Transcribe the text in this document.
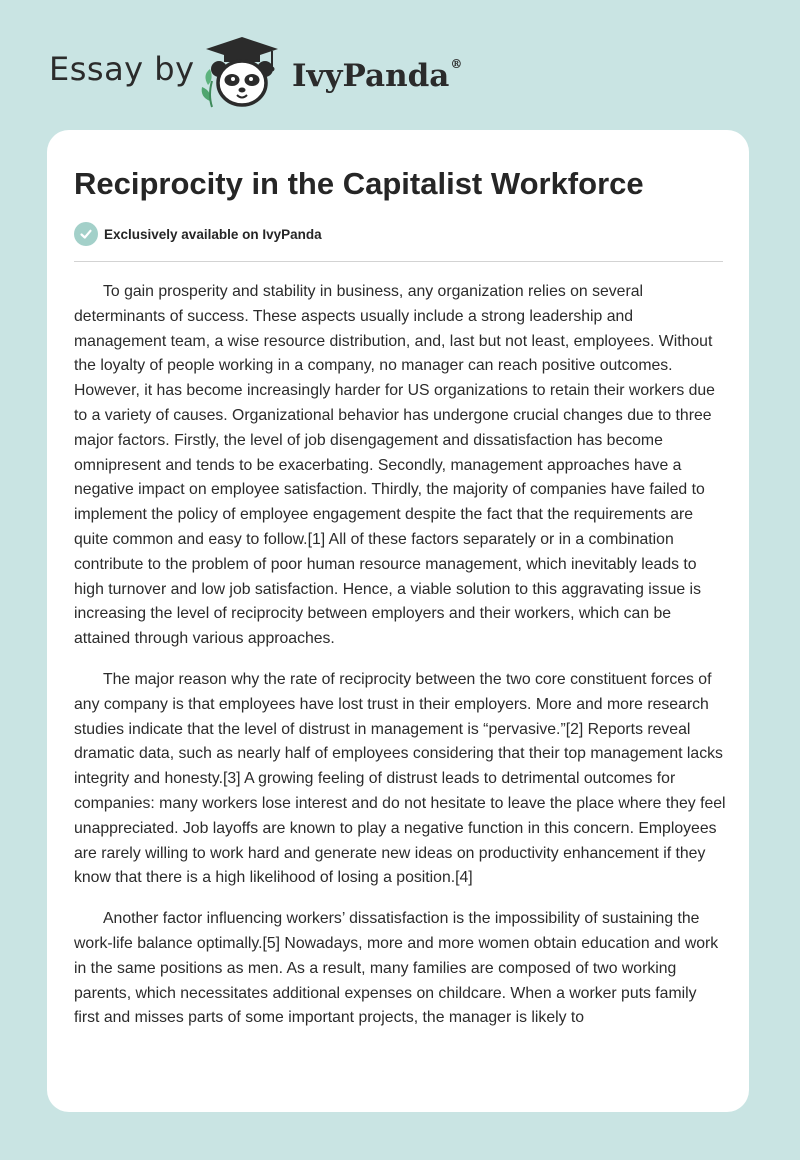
Essay by	IvyPanda®
Reciprocity in the Capitalist Workforce
Exclusively available on IvyPanda

To gain prosperity and stability in business, any organization relies on several determinants of success. These aspects usually include a strong leadership and management team, a wise resource distribution, and, last but not least, employees. Without the loyalty of people working in a company, no manager can reach positive outcomes. However, it has become increasingly harder for US organizations to retain their workers due to a variety of causes. Organizational behavior has undergone crucial changes due to three major factors. Firstly, the level of job disengagement and dissatisfaction has become omnipresent and tends to be exacerbating. Secondly, management approaches have a negative impact on employee satisfaction. Thirdly, the majority of companies have failed to implement the policy of employee engagement despite the fact that the requirements are quite common and easy to follow.[1] All of these factors separately or in a combination contribute to the problem of poor human resource management, which inevitably leads to high turnover and low job satisfaction. Hence, a viable solution to this aggravating issue is increasing the level of reciprocity between employers and their workers, which can be attained through various approaches.

The major reason why the rate of reciprocity between the two core constituent forces of any company is that employees have lost trust in their employers. More and more research studies indicate that the level of distrust in management is “pervasive.”[2] Reports reveal dramatic data, such as nearly half of employees considering that their top management lacks integrity and honesty.[3] A growing feeling of distrust leads to detrimental outcomes for companies: many workers lose interest and do not hesitate to leave the place where they feel unappreciated. Job layoffs are known to play a negative function in this concern. Employees are rarely willing to work hard and generate new ideas on productivity enhancement if they know that there is a high likelihood of losing a position.[4]

Another factor influencing workers’ dissatisfaction is the impossibility of sustaining the work-life balance optimally.[5] Nowadays, more and more women obtain education and work in the same positions as men. As a result, many families are composed of two working parents, which necessitates additional expenses on childcare. When a worker puts family first and misses parts of some important projects, the manager is likely to
